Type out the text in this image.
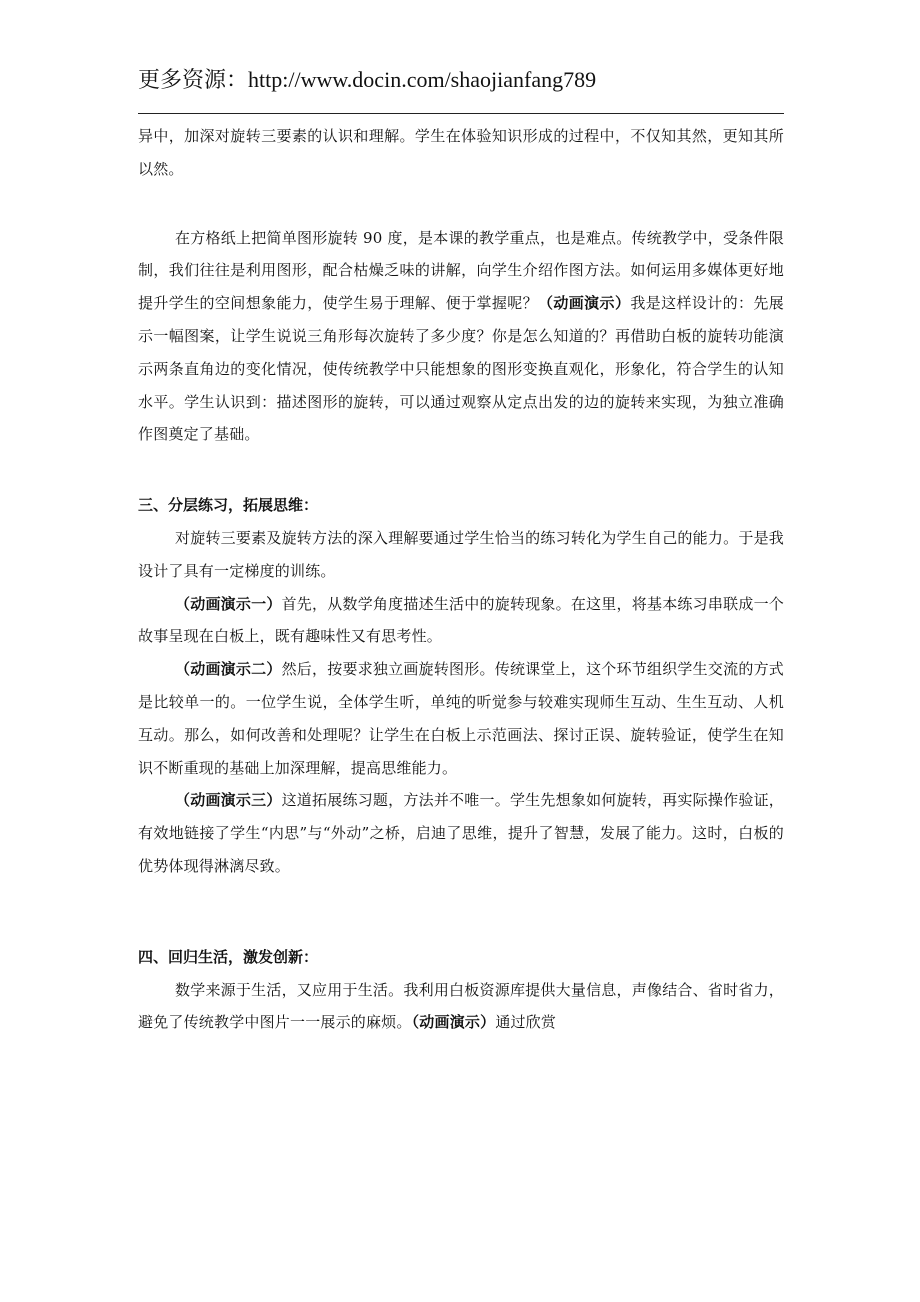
更多资源：http://www.docin.com/shaojianfang789

异中，加深对旋转三要素的认识和理解。学生在体验知识形成的过程中，不仅知其然，更知其所以然。

在方格纸上把简单图形旋转 90 度，是本课的教学重点，也是难点。传统教学中，受条件限制，我们往往是利用图形，配合枯燥乏味的讲解，向学生介绍作图方法。如何运用多媒体更好地提升学生的空间想象能力，使学生易于理解、便于掌握呢？（动画演示）我是这样设计的：先展示一幅图案，让学生说说三角形每次旋转了多少度？你是怎么知道的？再借助白板的旋转功能演示两条直角边的变化情况，使传统教学中只能想象的图形变换直观化，形象化，符合学生的认知水平。学生认识到：描述图形的旋转，可以通过观察从定点出发的边的旋转来实现，为独立准确作图奠定了基础。

三、分层练习，拓展思维：

对旋转三要素及旋转方法的深入理解要通过学生恰当的练习转化为学生自己的能力。于是我设计了具有一定梯度的训练。

（动画演示一）首先，从数学角度描述生活中的旋转现象。在这里，将基本练习串联成一个故事呈现在白板上，既有趣味性又有思考性。

（动画演示二）然后，按要求独立画旋转图形。传统课堂上，这个环节组织学生交流的方式是比较单一的。一位学生说，全体学生听，单纯的听觉参与较难实现师生互动、生生互动、人机互动。那么，如何改善和处理呢？让学生在白板上示范画法、探讨正误、旋转验证，使学生在知识不断重现的基础上加深理解，提高思维能力。

（动画演示三）这道拓展练习题，方法并不唯一。学生先想象如何旋转，再实际操作验证，有效地链接了学生“内思”与“外动”之桥，启迪了思维，提升了智慧，发展了能力。这时，白板的优势体现得淋漓尽致。

四、回归生活，激发创新：

数学来源于生活，又应用于生活。我利用白板资源库提供大量信息，声像结合、省时省力，避免了传统教学中图片一一展示的麻烦。（动画演示）通过欣赏
